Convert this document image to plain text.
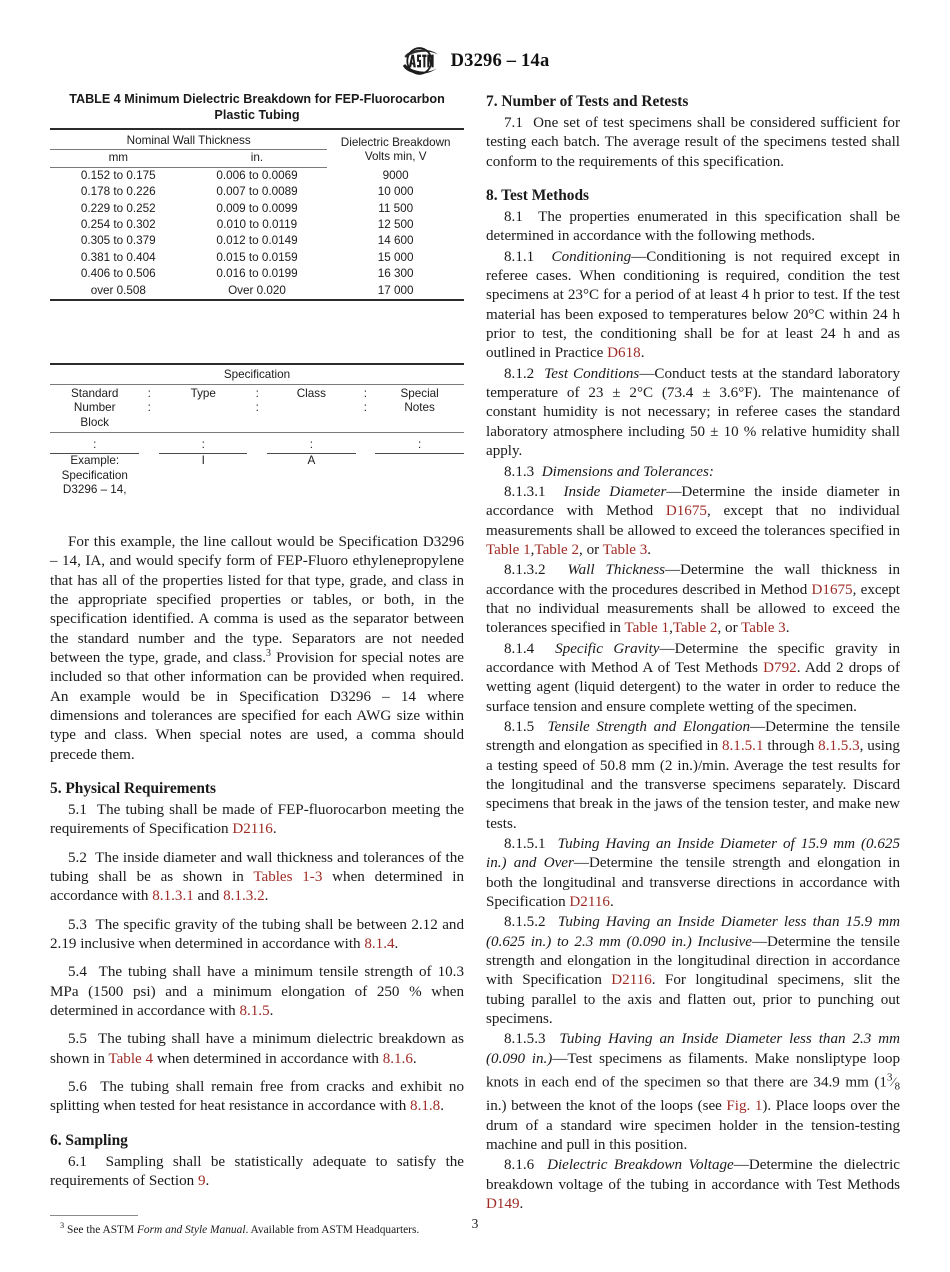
D3296 – 14a
TABLE 4 Minimum Dielectric Breakdown for FEP-Fluorocarbon Plastic Tubing
Nominal Wall Thickness		Dielectric Breakdown
Volts min, V
mm	in.	
0.152 to 0.175	0.006 to 0.0069	9000
0.178 to 0.226	0.007 to 0.0089	10 000
0.229 to 0.252	0.009 to 0.0099	11 500
0.254 to 0.302	0.010 to 0.0119	12 500
0.305 to 0.379	0.012 to 0.0149	14 600
0.381 to 0.404	0.015 to 0.0159	15 000
0.406 to 0.506	0.016 to 0.0199	16 300
over 0.508	Over 0.020	17 000
Specification						
Standard	:	Type	:	Class	:	Special
Number	:		:		:	Notes
Block						
:		:		:		:
Example:
Specification
D3296 – 14,		I		A		

For this example, the line callout would be Specification D3296 – 14, IA, and would specify form of FEP-Fluoro ethylenepropylene that has all of the properties listed for that type, grade, and class in the appropriate specified properties or tables, or both, in the specification identified. A comma is used as the separator between the standard number and the type. Separators are not needed between the type, grade, and class.$^3$ Provision for special notes are included so that other information can be provided when required. An example would be in Specification D3296 – 14 where dimensions and tolerances are specified for each AWG size within type and class. When special notes are used, a comma should precede them.

5. Physical Requirements

5.1 The tubing shall be made of FEP-fluorocarbon meeting the requirements of Specification D2116.

5.2 The inside diameter and wall thickness and tolerances of the tubing shall be as shown in Tables 1-3 when determined in accordance with 8.1.3.1 and 8.1.3.2.

5.3 The specific gravity of the tubing shall be between 2.12 and 2.19 inclusive when determined in accordance with 8.1.4.

5.4 The tubing shall have a minimum tensile strength of 10.3 MPa (1500 psi) and a minimum elongation of 250 % when determined in accordance with 8.1.5.

5.5 The tubing shall have a minimum dielectric breakdown as shown in Table 4 when determined in accordance with 8.1.6.

5.6 The tubing shall remain free from cracks and exhibit no splitting when tested for heat resistance in accordance with 8.1.8.

6. Sampling

6.1 Sampling shall be statistically adequate to satisfy the requirements of Section 9.

$^3$ See the ASTM Form and Style Manual. Available from ASTM Headquarters.

7. Number of Tests and Retests

7.1 One set of test specimens shall be considered sufficient for testing each batch. The average result of the specimens tested shall conform to the requirements of this specification.

8. Test Methods

8.1 The properties enumerated in this specification shall be determined in accordance with the following methods.

8.1.1 Conditioning—Conditioning is not required except in referee cases. When conditioning is required, condition the test specimens at 23°C for a period of at least 4 h prior to test. If the test material has been exposed to temperatures below 20°C within 24 h prior to test, the conditioning shall be for at least 24 h and as outlined in Practice D618.

8.1.2 Test Conditions—Conduct tests at the standard laboratory temperature of 23 ± 2°C (73.4 ± 3.6°F). The maintenance of constant humidity is not necessary; in referee cases the standard laboratory atmosphere including 50 ± 10 % relative humidity shall apply.

8.1.3 Dimensions and Tolerances:

8.1.3.1 Inside Diameter—Determine the inside diameter in accordance with Method D1675, except that no individual measurements shall be allowed to exceed the tolerances specified in Table 1,Table 2, or Table 3.

8.1.3.2 Wall Thickness—Determine the wall thickness in accordance with the procedures described in Method D1675, except that no individual measurements shall be allowed to exceed the tolerances specified in Table 1,Table 2, or Table 3.

8.1.4 Specific Gravity—Determine the specific gravity in accordance with Method A of Test Methods D792. Add 2 drops of wetting agent (liquid detergent) to the water in order to reduce the surface tension and ensure complete wetting of the specimen.

8.1.5 Tensile Strength and Elongation—Determine the tensile strength and elongation as specified in 8.1.5.1 through 8.1.5.3, using a testing speed of 50.8 mm (2 in.)/min. Average the test results for the longitudinal and the transverse specimens separately. Discard specimens that break in the jaws of the tension tester, and make new tests.

8.1.5.1 Tubing Having an Inside Diameter of 15.9 mm (0.625 in.) and Over—Determine the tensile strength and elongation in both the longitudinal and transverse directions in accordance with Specification D2116.

8.1.5.2 Tubing Having an Inside Diameter less than 15.9 mm (0.625 in.) to 2.3 mm (0.090 in.) Inclusive—Determine the tensile strength and elongation in the longitudinal direction in accordance with Specification D2116. For longitudinal specimens, slit the tubing parallel to the axis and flatten out, prior to punching out specimens.

8.1.5.3 Tubing Having an Inside Diameter less than 2.3 mm (0.090 in.)—Test specimens as filaments. Make nonsliptype loop knots in each end of the specimen so that there are 34.9 mm ($1^3⁄_8$ in.) between the knot of the loops (see Fig. 1). Place loops over the drum of a standard wire specimen holder in the tension-testing machine and pull in this position.

8.1.6 Dielectric Breakdown Voltage—Determine the dielectric breakdown voltage of the tubing in accordance with Test Methods D149.

3
